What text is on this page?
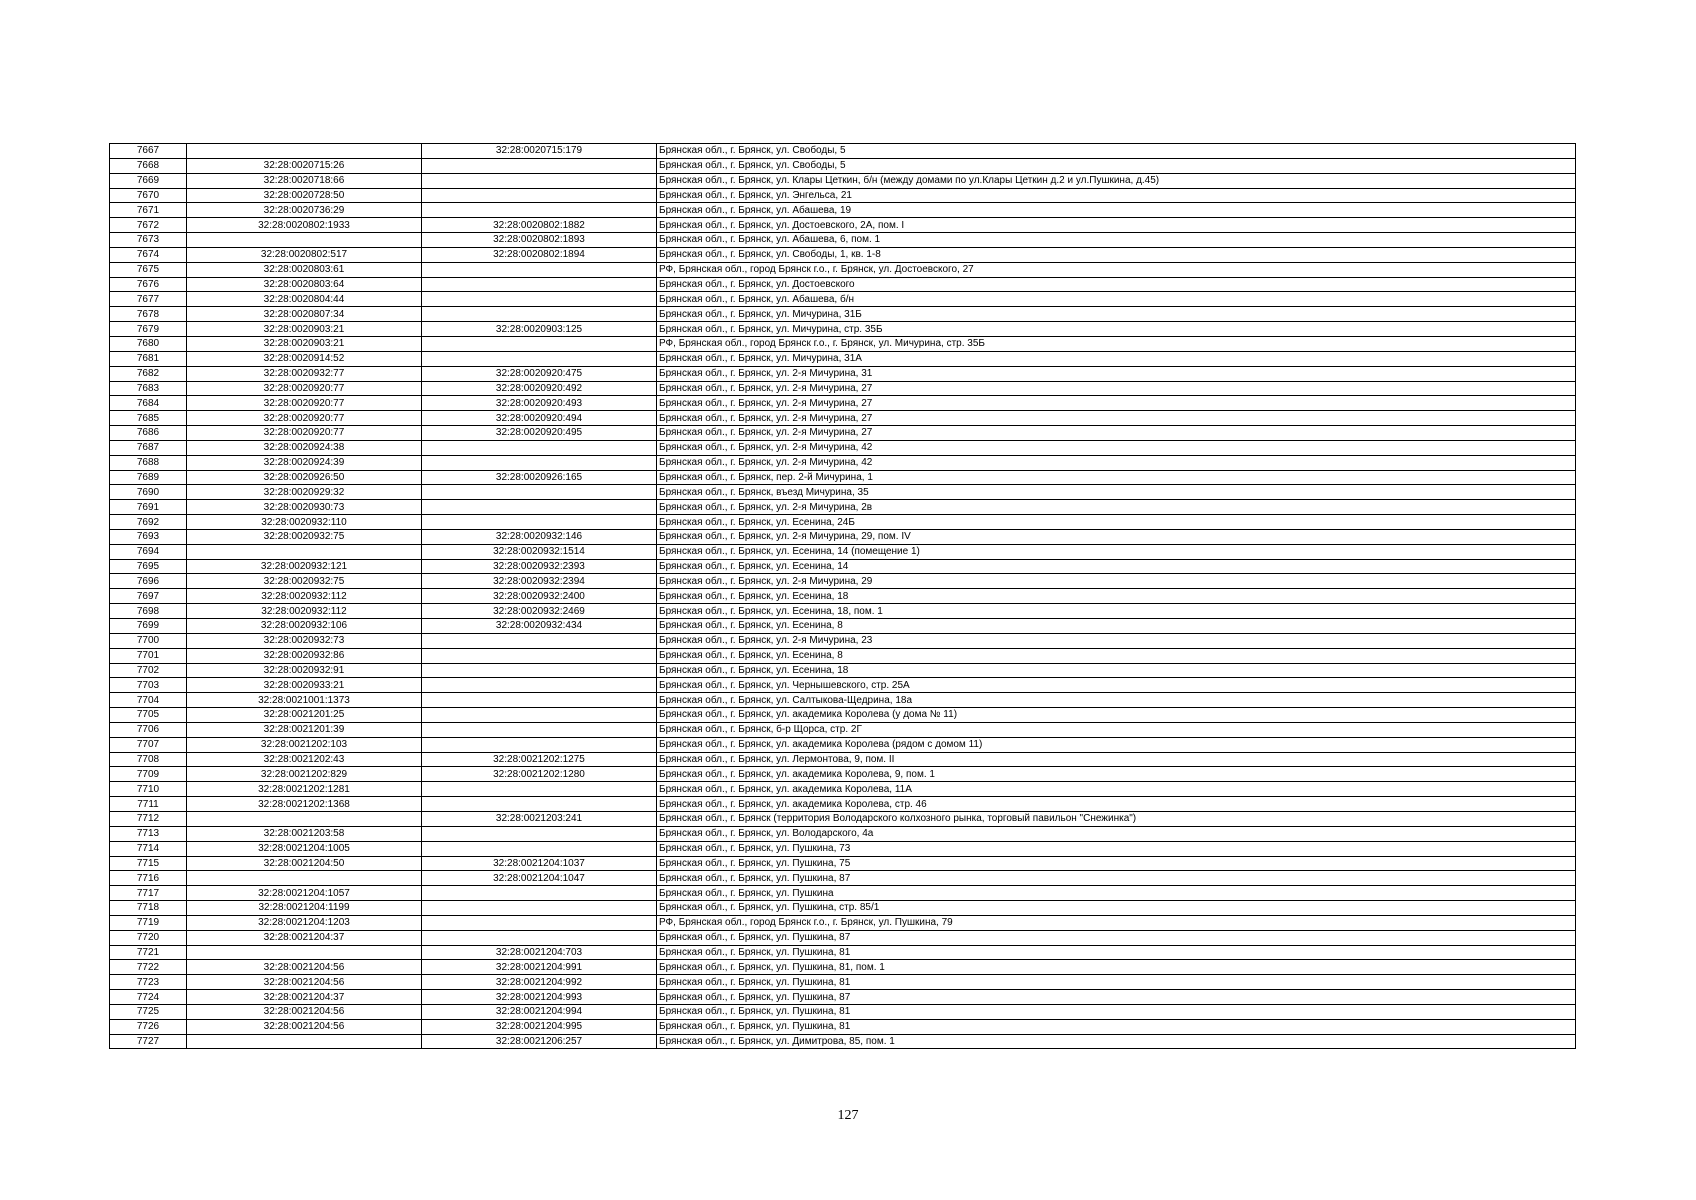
7667		32:28:0020715:179	Брянская обл., г. Брянск, ул. Свободы, 5
7668	32:28:0020715:26		Брянская обл., г. Брянск, ул. Свободы, 5
7669	32:28:0020718:66		Брянская обл., г. Брянск, ул. Клары Цеткин, б/н (между домами по ул.Клары Цеткин д.2 и ул.Пушкина, д.45)
7670	32:28:0020728:50		Брянская обл., г. Брянск, ул. Энгельса, 21
7671	32:28:0020736:29		Брянская обл., г. Брянск, ул. Абашева, 19
7672	32:28:0020802:1933	32:28:0020802:1882	Брянская обл., г. Брянск, ул. Достоевского, 2А, пом. I
7673		32:28:0020802:1893	Брянская обл., г. Брянск, ул. Абашева, 6, пом. 1
7674	32:28:0020802:517	32:28:0020802:1894	Брянская обл., г. Брянск, ул. Свободы, 1, кв. 1-8
7675	32:28:0020803:61		РФ, Брянская обл., город Брянск г.о., г. Брянск, ул. Достоевского, 27
7676	32:28:0020803:64		Брянская обл., г. Брянск, ул. Достоевского
7677	32:28:0020804:44		Брянская обл., г. Брянск, ул. Абашева, б/н
7678	32:28:0020807:34		Брянская обл., г. Брянск, ул. Мичурина, 31Б
7679	32:28:0020903:21	32:28:0020903:125	Брянская обл., г. Брянск, ул. Мичурина, стр. 35Б
7680	32:28:0020903:21		РФ, Брянская обл., город Брянск г.о., г. Брянск, ул. Мичурина, стр. 35Б
7681	32:28:0020914:52		Брянская обл., г. Брянск, ул. Мичурина, 31А
7682	32:28:0020932:77	32:28:0020920:475	Брянская обл., г. Брянск, ул. 2-я Мичурина, 31
7683	32:28:0020920:77	32:28:0020920:492	Брянская обл., г. Брянск, ул. 2-я Мичурина, 27
7684	32:28:0020920:77	32:28:0020920:493	Брянская обл., г. Брянск, ул. 2-я Мичурина, 27
7685	32:28:0020920:77	32:28:0020920:494	Брянская обл., г. Брянск, ул. 2-я Мичурина, 27
7686	32:28:0020920:77	32:28:0020920:495	Брянская обл., г. Брянск, ул. 2-я Мичурина, 27
7687	32:28:0020924:38		Брянская обл., г. Брянск, ул. 2-я Мичурина, 42
7688	32:28:0020924:39		Брянская обл., г. Брянск, ул. 2-я Мичурина, 42
7689	32:28:0020926:50	32:28:0020926:165	Брянская обл., г. Брянск, пер. 2-й Мичурина, 1
7690	32:28:0020929:32		Брянская обл., г. Брянск, въезд Мичурина, 35
7691	32:28:0020930:73		Брянская обл., г. Брянск, ул. 2-я Мичурина, 2в
7692	32:28:0020932:110		Брянская обл., г. Брянск, ул. Есенина, 24Б
7693	32:28:0020932:75	32:28:0020932:146	Брянская обл., г. Брянск, ул. 2-я Мичурина, 29, пом. IV
7694		32:28:0020932:1514	Брянская обл., г. Брянск, ул. Есенина, 14 (помещение 1)
7695	32:28:0020932:121	32:28:0020932:2393	Брянская обл., г. Брянск, ул. Есенина, 14
7696	32:28:0020932:75	32:28:0020932:2394	Брянская обл., г. Брянск, ул. 2-я Мичурина, 29
7697	32:28:0020932:112	32:28:0020932:2400	Брянская обл., г. Брянск, ул. Есенина, 18
7698	32:28:0020932:112	32:28:0020932:2469	Брянская обл., г. Брянск, ул. Есенина, 18, пом. 1
7699	32:28:0020932:106	32:28:0020932:434	Брянская обл., г. Брянск, ул. Есенина, 8
7700	32:28:0020932:73		Брянская обл., г. Брянск, ул. 2-я Мичурина, 23
7701	32:28:0020932:86		Брянская обл., г. Брянск, ул. Есенина, 8
7702	32:28:0020932:91		Брянская обл., г. Брянск, ул. Есенина, 18
7703	32:28:0020933:21		Брянская обл., г. Брянск, ул. Чернышевского, стр. 25А
7704	32:28:0021001:1373		Брянская обл., г. Брянск, ул. Салтыкова-Щедрина, 18а
7705	32:28:0021201:25		Брянская обл., г. Брянск, ул. академика Королева (у дома № 11)
7706	32:28:0021201:39		Брянская обл., г. Брянск, б-р Щорса, стр. 2Г
7707	32:28:0021202:103		Брянская обл., г. Брянск, ул. академика Королева (рядом с домом 11)
7708	32:28:0021202:43	32:28:0021202:1275	Брянская обл., г. Брянск, ул. Лермонтова, 9, пом. II
7709	32:28:0021202:829	32:28:0021202:1280	Брянская обл., г. Брянск, ул. академика Королева, 9, пом. 1
7710	32:28:0021202:1281		Брянская обл., г. Брянск, ул. академика Королева, 11А
7711	32:28:0021202:1368		Брянская обл., г. Брянск, ул. академика Королева, стр. 46
7712		32:28:0021203:241	Брянская обл., г. Брянск (территория Володарского колхозного рынка, торговый павильон "Снежинка")
7713	32:28:0021203:58		Брянская обл., г. Брянск, ул. Володарского, 4а
7714	32:28:0021204:1005		Брянская обл., г. Брянск, ул. Пушкина, 73
7715	32:28:0021204:50	32:28:0021204:1037	Брянская обл., г. Брянск, ул. Пушкина, 75
7716		32:28:0021204:1047	Брянская обл., г. Брянск, ул. Пушкина, 87
7717	32:28:0021204:1057		Брянская обл., г. Брянск, ул. Пушкина
7718	32:28:0021204:1199		Брянская обл., г. Брянск, ул. Пушкина, стр. 85/1
7719	32:28:0021204:1203		РФ, Брянская обл., город Брянск г.о., г. Брянск, ул. Пушкина, 79
7720	32:28:0021204:37		Брянская обл., г. Брянск, ул. Пушкина, 87
7721		32:28:0021204:703	Брянская обл., г. Брянск, ул. Пушкина, 81
7722	32:28:0021204:56	32:28:0021204:991	Брянская обл., г. Брянск, ул. Пушкина, 81, пом. 1
7723	32:28:0021204:56	32:28:0021204:992	Брянская обл., г. Брянск, ул. Пушкина, 81
7724	32:28:0021204:37	32:28:0021204:993	Брянская обл., г. Брянск, ул. Пушкина, 87
7725	32:28:0021204:56	32:28:0021204:994	Брянская обл., г. Брянск, ул. Пушкина, 81
7726	32:28:0021204:56	32:28:0021204:995	Брянская обл., г. Брянск, ул. Пушкина, 81
7727		32:28:0021206:257	Брянская обл., г. Брянск, ул. Димитрова, 85, пом. 1
127
